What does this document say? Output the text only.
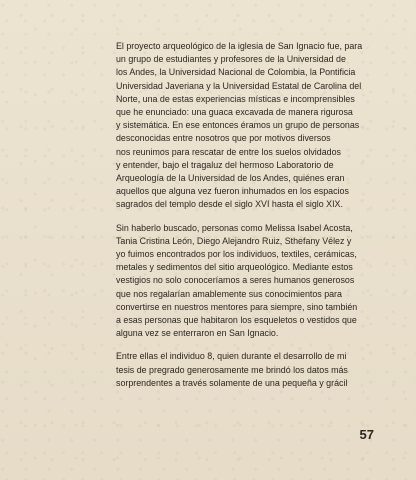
El proyecto arqueológico de la iglesia de San Ignacio fue, para
un grupo de estudiantes y profesores de la Universidad de
los Andes, la Universidad Nacional de Colombia, la Pontificia
Universidad Javeriana y la Universidad Estatal de Carolina del
Norte, una de estas experiencias místicas e incomprensibles
que he enunciado: una guaca excavada de manera rigurosa
y sistemática. En ese entonces éramos un grupo de personas
desconocidas entre nosotros que por motivos diversos
nos reunimos para rescatar de entre los suelos olvidados
y entender, bajo el tragaluz del hermoso Laboratorio de
Arqueología de la Universidad de los Andes, quiénes eran
aquellos que alguna vez fueron inhumados en los espacios
sagrados del templo desde el siglo XVI hasta el siglo XIX.

Sin haberlo buscado, personas como Melissa Isabel Acosta,
Tania Cristina León, Diego Alejandro Ruiz, Sthefany Vélez y
yo fuimos encontrados por los individuos, textiles, cerámicas,
metales y sedimentos del sitio arqueológico. Mediante estos
vestigios no solo conoceríamos a seres humanos generosos
que nos regalarían amablemente sus conocimientos para
convertirse en nuestros mentores para siempre, sino también
a esas personas que habitaron los esqueletos o vestidos que
alguna vez se enterraron en San Ignacio.

Entre ellas el individuo 8, quien durante el desarrollo de mi
tesis de pregrado generosamente me brindó los datos más
sorprendentes a través solamente de una pequeña y grácil

57
